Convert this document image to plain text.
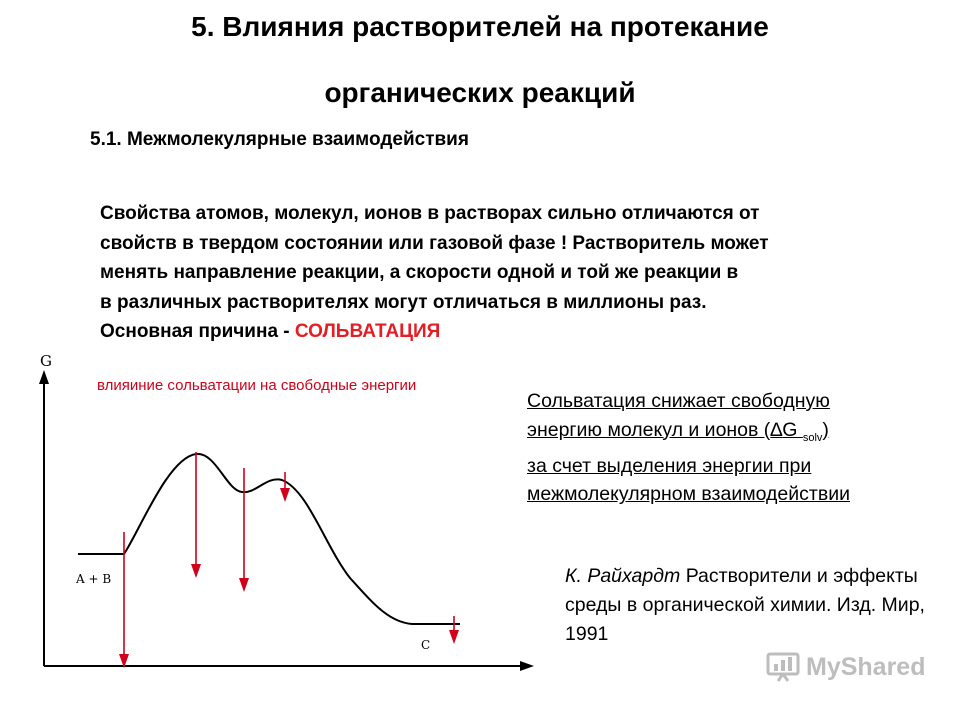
5. Влияния растворителей на протекание
органических реакций
5.1. Межмолекулярные взаимодействия
Свойства атомов, молекул, ионов в растворах сильно отличаются от
свойств в твердом состоянии или газовой фазе ! Растворитель может
менять направление реакции, а скорости одной и той же реакции в
в различных растворителях могут отличаться в миллионы раз.
Основная причина - СОЛЬВАТАЦИЯ
G
влияиние сольватации на свободные энергии
A + B
C
Сольватация снижает свободную
энергию молекул и ионов (∆G $_{solv}$)
за счет выделения энергии при
межмолекулярном взаимодействии
К. Райхардт Растворители и эффекты среды в органической химии. Изд. Мир, 1991
MyShared
